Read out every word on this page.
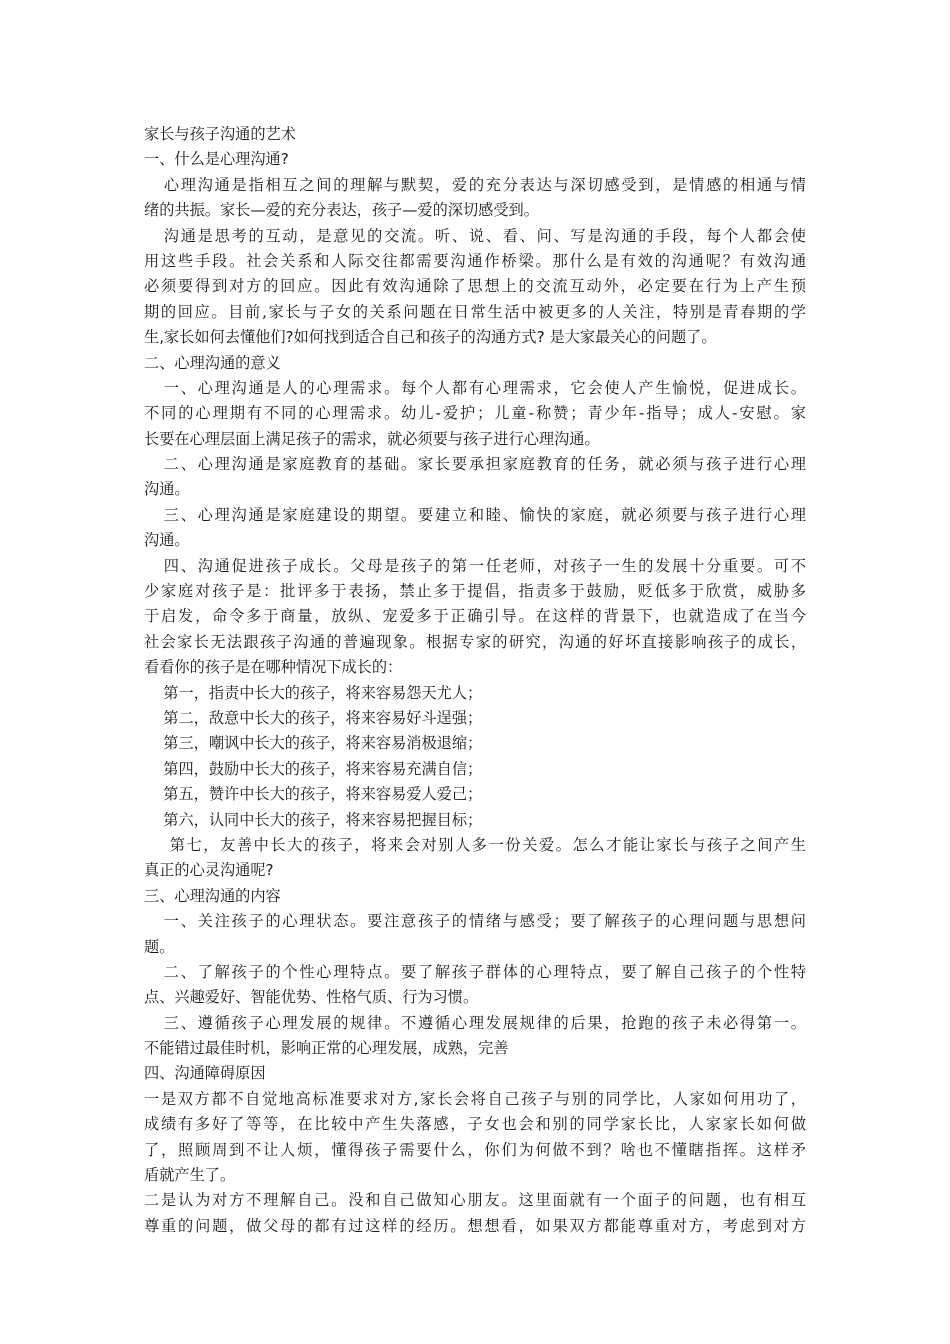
家长与孩子沟通的艺术
一、什么是心理沟通?
心理沟通是指相互之间的理解与默契，爱的充分表达与深切感受到，是情感的相通与情
绪的共振。家长—爱的充分表达，孩子—爱的深切感受到。
沟通是思考的互动，是意见的交流。听、说、看、问、写是沟通的手段，每个人都会使
用这些手段。社会关系和人际交往都需要沟通作桥梁。那什么是有效的沟通呢？有效沟通
必须要得到对方的回应。因此有效沟通除了思想上的交流互动外，必定要在行为上产生预
期的回应。目前,家长与子女的关系问题在日常生活中被更多的人关注，特别是青春期的学
生,家长如何去懂他们?如何找到适合自己和孩子的沟通方式? 是大家最关心的问题了。
二、心理沟通的意义
一、心理沟通是人的心理需求。每个人都有心理需求，它会使人产生愉悦，促进成长。
不同的心理期有不同的心理需求。幼儿-爱护；儿童-称赞；青少年-指导；成人-安慰。家
长要在心理层面上满足孩子的需求，就必须要与孩子进行心理沟通。
二、心理沟通是家庭教育的基础。家长要承担家庭教育的任务，就必须与孩子进行心理
沟通。
三、心理沟通是家庭建设的期望。要建立和睦、愉快的家庭，就必须要与孩子进行心理
沟通。
四、沟通促进孩子成长。父母是孩子的第一任老师，对孩子一生的发展十分重要。可不
少家庭对孩子是：批评多于表扬，禁止多于提倡，指责多于鼓励，贬低多于欣赏，威胁多
于启发，命令多于商量，放纵、宠爱多于正确引导。在这样的背景下，也就造成了在当今
社会家长无法跟孩子沟通的普遍现象。根据专家的研究，沟通的好坏直接影响孩子的成长，
看看你的孩子是在哪种情况下成长的：
第一，指责中长大的孩子，将来容易怨天尤人；
第二，敌意中长大的孩子，将来容易好斗逞强；
第三，嘲讽中长大的孩子，将来容易消极退缩；
第四，鼓励中长大的孩子，将来容易充满自信；
第五，赞许中长大的孩子，将来容易爱人爱己；
第六，认同中长大的孩子，将来容易把握目标；
第七，友善中长大的孩子，将来会对别人多一份关爱。怎么才能让家长与孩子之间产生
真正的心灵沟通呢?
三、心理沟通的内容
一、关注孩子的心理状态。要注意孩子的情绪与感受；要了解孩子的心理问题与思想问
题。
二、了解孩子的个性心理特点。要了解孩子群体的心理特点，要了解自己孩子的个性特
点、兴趣爱好、智能优势、性格气质、行为习惯。
三、遵循孩子心理发展的规律。不遵循心理发展规律的后果，抢跑的孩子未必得第一。
不能错过最佳时机，影响正常的心理发展，成熟，完善
四、沟通障碍原因
一是双方都不自觉地高标准要求对方,家长会将自己孩子与别的同学比，人家如何用功了，
成绩有多好了等等，在比较中产生失落感，子女也会和别的同学家长比，人家家长如何做
了，照顾周到不让人烦，懂得孩子需要什么，你们为何做不到？啥也不懂瞎指挥。这样矛
盾就产生了。
二是认为对方不理解自己。没和自己做知心朋友。这里面就有一个面子的问题，也有相互
尊重的问题，做父母的都有过这样的经历。想想看，如果双方都能尊重对方，考虑到对方
